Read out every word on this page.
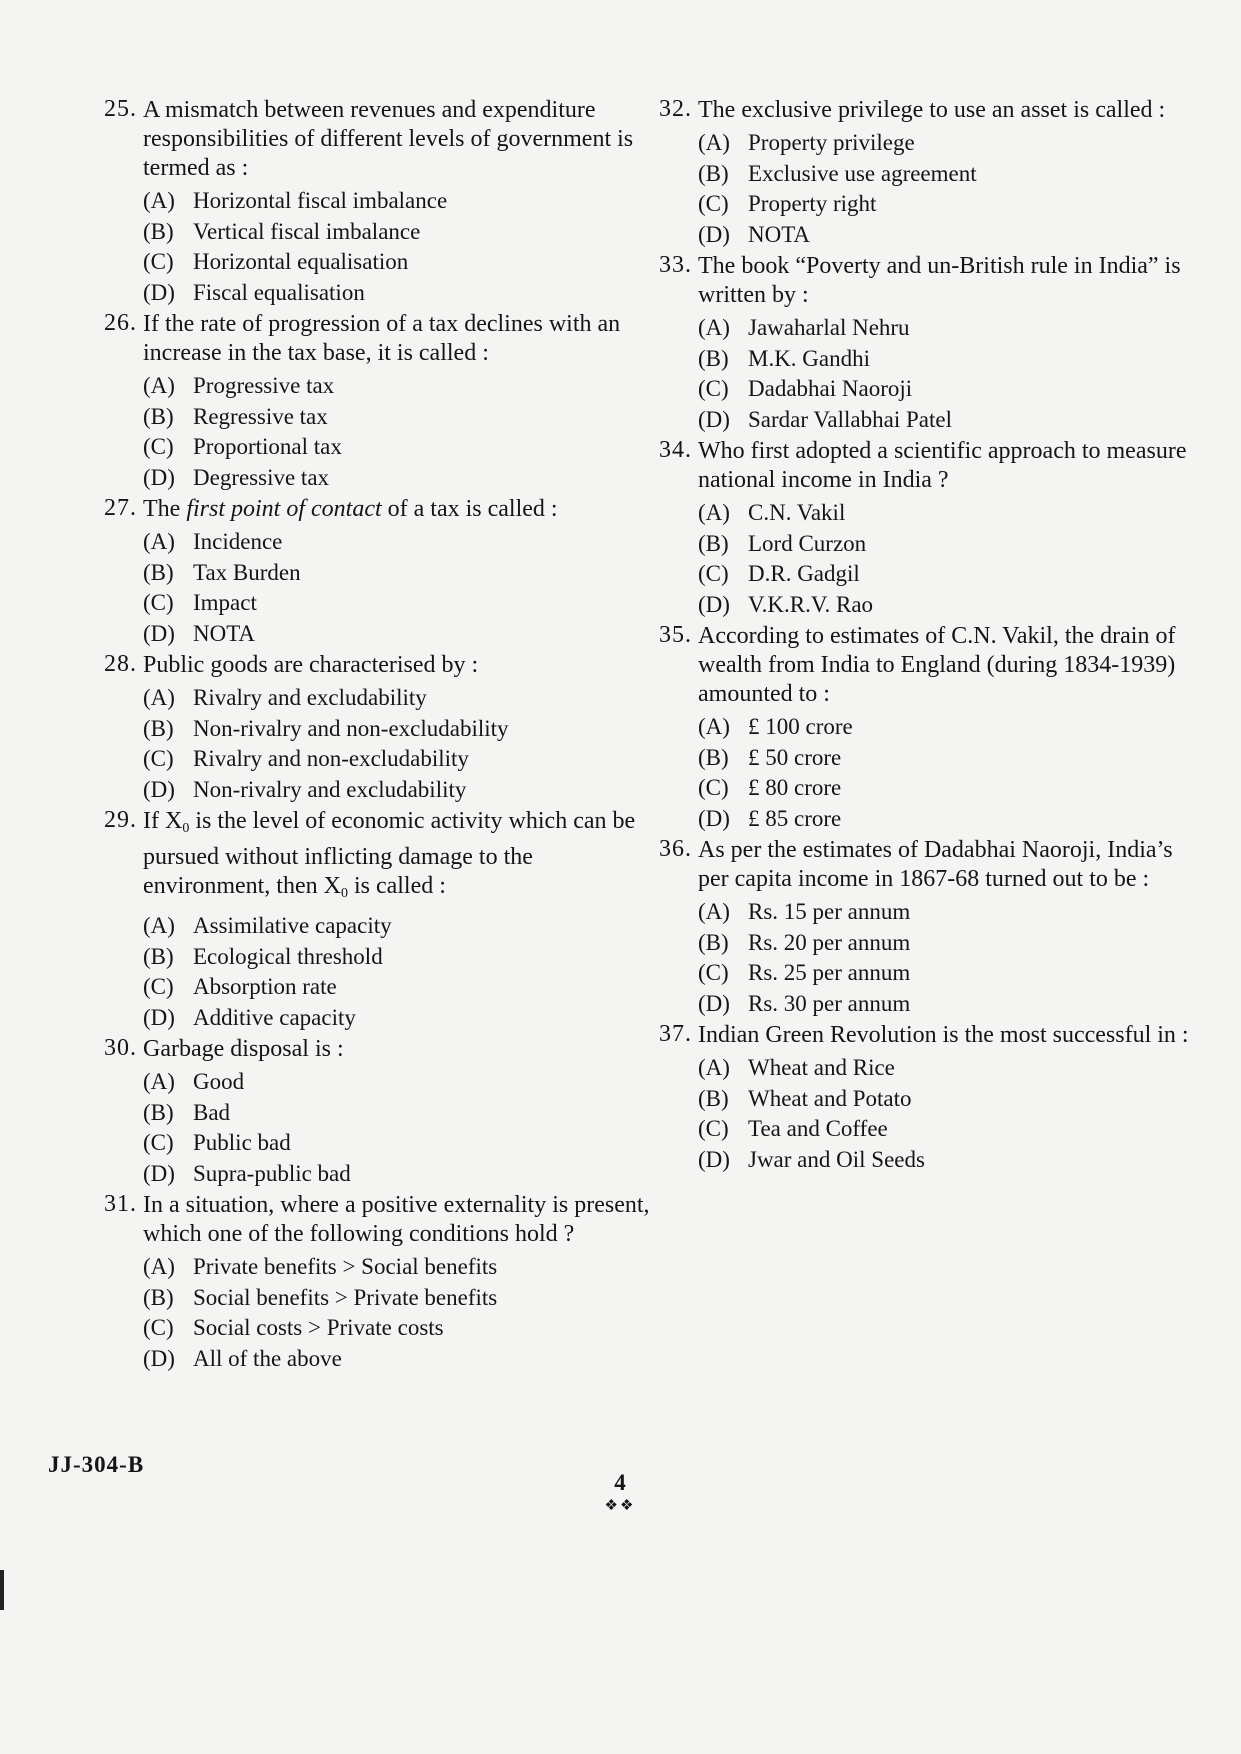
25. A mismatch between revenues and expenditure responsibilities of different levels of government is termed as :

(A) Horizontal fiscal imbalance
(B) Vertical fiscal imbalance
(C) Horizontal equalisation
(D) Fiscal equalisation
26. If the rate of progression of a tax declines with an increase in the tax base, it is called :

(A) Progressive tax
(B) Regressive tax
(C) Proportional tax
(D) Degressive tax
27. The first point of contact of a tax is called :

(A) Incidence
(B) Tax Burden
(C) Impact
(D) NOTA
28. Public goods are characterised by :

(A) Rivalry and excludability
(B) Non-rivalry and non-excludability
(C) Rivalry and non-excludability
(D) Non-rivalry and excludability
29. If $X_0$ is the level of economic activity which can be pursued without inflicting damage to the environment, then $X_0$ is called :

(A) Assimilative capacity
(B) Ecological threshold
(C) Absorption rate
(D) Additive capacity
30. Garbage disposal is :

(A) Good
(B) Bad
(C) Public bad
(D) Supra-public bad
31. In a situation, where a positive externality is present, which one of the following conditions hold ?

(A) Private benefits > Social benefits
(B) Social benefits > Private benefits
(C) Social costs > Private costs
(D) All of the above
32. The exclusive privilege to use an asset is called :

(A) Property privilege
(B) Exclusive use agreement
(C) Property right
(D) NOTA
33. The book “Poverty and un-British rule in India” is written by :

(A) Jawaharlal Nehru
(B) M.K. Gandhi
(C) Dadabhai Naoroji
(D) Sardar Vallabhai Patel
34. Who first adopted a scientific approach to measure national income in India ?

(A) C.N. Vakil
(B) Lord Curzon
(C) D.R. Gadgil
(D) V.K.R.V. Rao
35. According to estimates of C.N. Vakil, the drain of wealth from India to England (during 1834-1939) amounted to :

(A) £ 100 crore
(B) £ 50 crore
(C) £ 80 crore
(D) £ 85 crore
36. As per the estimates of Dadabhai Naoroji, India’s per capita income in 1867-68 turned out to be :

(A) Rs. 15 per annum
(B) Rs. 20 per annum
(C) Rs. 25 per annum
(D) Rs. 30 per annum
37. Indian Green Revolution is the most successful in :

(A) Wheat and Rice
(B) Wheat and Potato
(C) Tea and Coffee
(D) Jwar and Oil Seeds
JJ-304-B
4
❖❖
